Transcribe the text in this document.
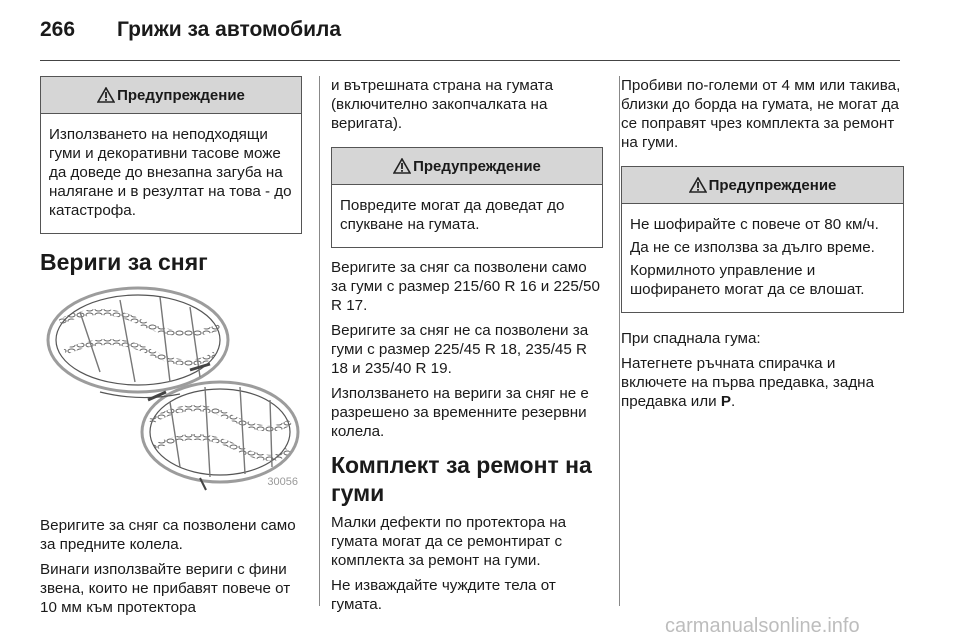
266 Грижи за автомобила
Предупреждение

Използването на неподходящи гуми и декоративни тасове може да доведе до внезапна загуба на налягане и в резултат на това - до катастрофа.

Вериги за сняг
30056

Веригите за сняг са позволени само за предните колела.

Винаги използвайте вериги с фини звена, които не прибавят повече от 10 мм към протектора

и вътрешната страна на гумата (включително закопчалката на веригата).

Предупреждение

Повредите могат да доведат до спукване на гумата.

Веригите за сняг са позволени само за гуми с размер 215/60 R 16 и 225/50 R 17.

Веригите за сняг не са позволени за гуми с размер 225/45 R 18, 235/45 R 18 и 235/40 R 19.

Използването на вериги за сняг не е разрешено за временните резервни колела.

Комплект за ремонт на гуми

Малки дефекти по протектора на гумата могат да се ремонтират с комплекта за ремонт на гуми.

Не изваждайте чуждите тела от гумата.

Пробиви по-големи от 4 мм или такива, близки до борда на гумата, не могат да се поправят чрез комплекта за ремонт на гуми.

Предупреждение

Не шофирайте с повече от 80 км/ч.

Да не се използва за дълго време.

Кормилното управление и шофирането могат да се влошат.

При спаднала гума:

Натегнете ръчната спирачка и включете на първа предавка, задна предавка или P.

carmanualsonline.info
